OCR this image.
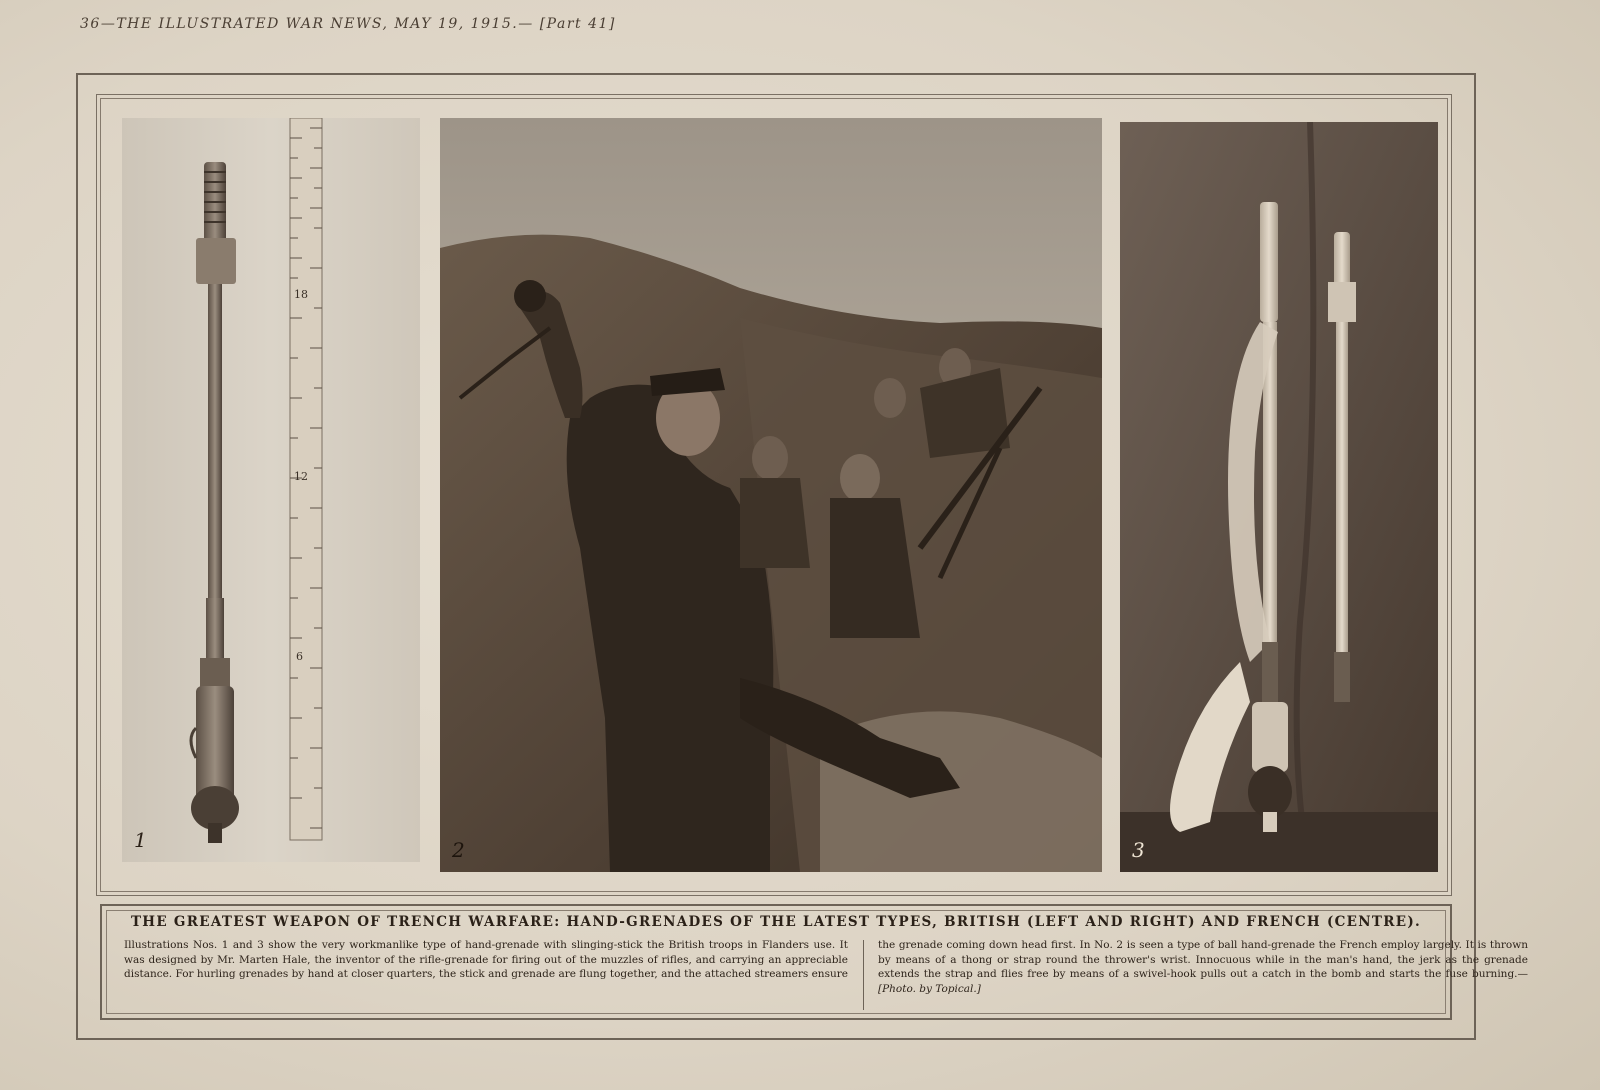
36—THE ILLUSTRATED WAR NEWS, MAY 19, 1915.— [Part 41]
18
12
6
1	2	3
THE GREATEST WEAPON OF TRENCH WARFARE: HAND-GRENADES OF THE LATEST TYPES, BRITISH (LEFT AND RIGHT) AND FRENCH (CENTRE).
Illustrations Nos. 1 and 3 show the very workmanlike type of hand-grenade with slinging-stick the British troops in Flanders use. It was designed by Mr. Marten Hale, the inventor of the rifle-grenade for firing out of the muzzles of rifles, and carrying an appreciable distance. For hurling grenades by hand at closer quarters, the stick and grenade are flung together, and the attached streamers ensure
the grenade coming down head first. In No. 2 is seen a type of ball hand-grenade the French employ largely. It is thrown by means of a thong or strap round the thrower's wrist. Innocuous while in the man's hand, the jerk as the grenade extends the strap and flies free by means of a swivel-hook pulls out a catch in the bomb and starts the fuse burning.—[Photo. by Topical.]
